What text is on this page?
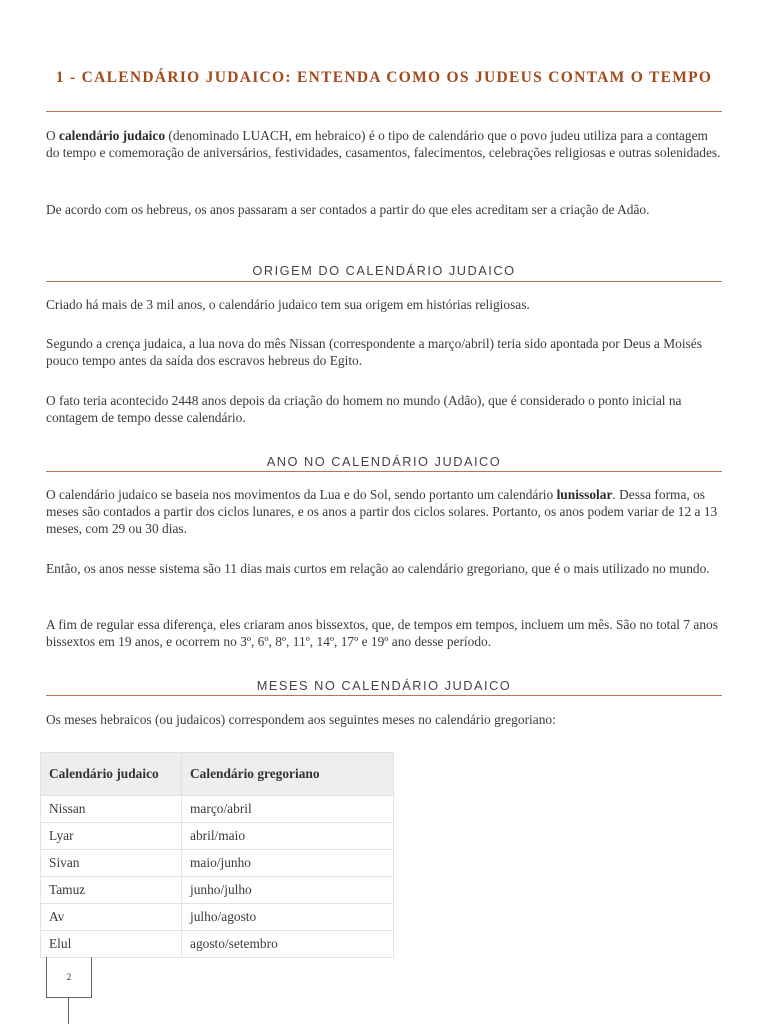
1 - CALENDÁRIO JUDAICO: ENTENDA COMO OS JUDEUS CONTAM O TEMPO

O calendário judaico (denominado LUACH, em hebraico) é o tipo de calendário que o povo judeu utiliza para a contagem do tempo e comemoração de aniversários, festividades, casamentos, falecimentos, celebrações religiosas e outras solenidades.

De acordo com os hebreus, os anos passaram a ser contados a partir do que eles acreditam ser a criação de Adão.

ORIGEM DO CALENDÁRIO JUDAICO

Criado há mais de 3 mil anos, o calendário judaico tem sua origem em histórias religiosas.

Segundo a crença judaica, a lua nova do mês Nissan (correspondente a março/abril) teria sido apontada por Deus a Moisés pouco tempo antes da saída dos escravos hebreus do Egito.

O fato teria acontecido 2448 anos depois da criação do homem no mundo (Adão), que é considerado o ponto inicial na contagem de tempo desse calendário.

ANO NO CALENDÁRIO JUDAICO

O calendário judaico se baseia nos movimentos da Lua e do Sol, sendo portanto um calendário lunissolar. Dessa forma, os meses são contados a partir dos ciclos lunares, e os anos a partir dos ciclos solares. Portanto, os anos podem variar de 12 a 13 meses, com 29 ou 30 dias.

Então, os anos nesse sistema são 11 dias mais curtos em relação ao calendário gregoriano, que é o mais utilizado no mundo.

A fim de regular essa diferença, eles criaram anos bissextos, que, de tempos em tempos, incluem um mês. São no total 7 anos bissextos em 19 anos, e ocorrem no 3º, 6º, 8º, 11º, 14º, 17º e 19º ano desse período.

MESES NO CALENDÁRIO JUDAICO

Os meses hebraicos (ou judaicos) correspondem aos seguintes meses no calendário gregoriano:

Calendário judaico	Calendário gregoriano
Nissan	março/abril
Lyar	abril/maio
Sivan	maio/junho
Tamuz	junho/julho
Av	julho/agosto
Elul	agosto/setembro
2
